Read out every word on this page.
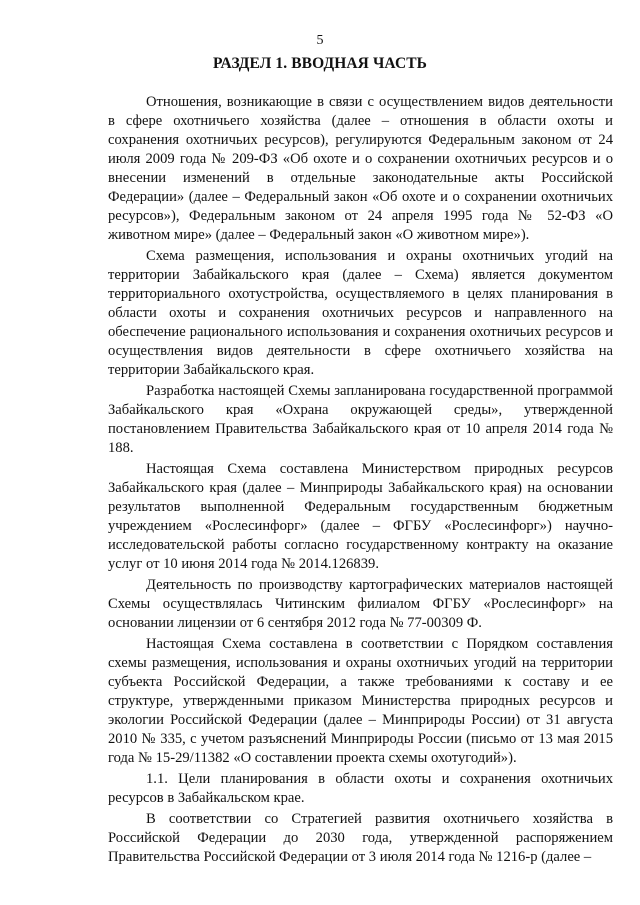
5
РАЗДЕЛ 1. ВВОДНАЯ ЧАСТЬ

Отношения, возникающие в связи с осуществлением видов деятельности в сфере охотничьего хозяйства (далее – отношения в области охоты и сохранения охотничьих ресурсов), регулируются Федеральным законом от 24 июля 2009 года № 209-ФЗ «Об охоте и о сохранении охотничьих ресурсов и о внесении изменений в отдельные законодательные акты Российской Федерации» (далее – Федеральный закон «Об охоте и о сохранении охотничьих ресурсов»), Федеральным законом от 24 апреля 1995 года № 52-ФЗ «О животном мире» (далее – Федеральный закон «О животном мире»).

Схема размещения, использования и охраны охотничьих угодий на территории Забайкальского края (далее – Схема) является документом территориального охотустройства, осуществляемого в целях планирования в области охоты и сохранения охотничьих ресурсов и направленного на обеспечение рационального использования и сохранения охотничьих ресурсов и осуществления видов деятельности в сфере охотничьего хозяйства на территории Забайкальского края.

Разработка настоящей Схемы запланирована государственной программой Забайкальского края «Охрана окружающей среды», утвержденной постановлением Правительства Забайкальского края от 10 апреля 2014 года № 188.

Настоящая Схема составлена Министерством природных ресурсов Забайкальского края (далее – Минприроды Забайкальского края) на основании результатов выполненной Федеральным государственным бюджетным учреждением «Рослесинфорг» (далее – ФГБУ «Рослесинфорг») научно-исследовательской работы согласно государственному контракту на оказание услуг от 10 июня 2014 года № 2014.126839.

Деятельность по производству картографических материалов настоящей Схемы осуществлялась Читинским филиалом ФГБУ «Рослесинфорг» на основании лицензии от 6 сентября 2012 года № 77-00309 Ф.

Настоящая Схема составлена в соответствии с Порядком составления схемы размещения, использования и охраны охотничьих угодий на территории субъекта Российской Федерации, а также требованиями к составу и ее структуре, утвержденными приказом Министерства природных ресурсов и экологии Российской Федерации (далее – Минприроды России) от 31 августа 2010 № 335, с учетом разъяснений Минприроды России (письмо от 13 мая 2015 года № 15-29/11382 «О составлении проекта схемы охотугодий»).

1.1. Цели планирования в области охоты и сохранения охотничьих ресурсов в Забайкальском крае.

В соответствии со Стратегией развития охотничьего хозяйства в Российской Федерации до 2030 года, утвержденной распоряжением Правительства Российской Федерации от 3 июля 2014 года № 1216-р (далее –
